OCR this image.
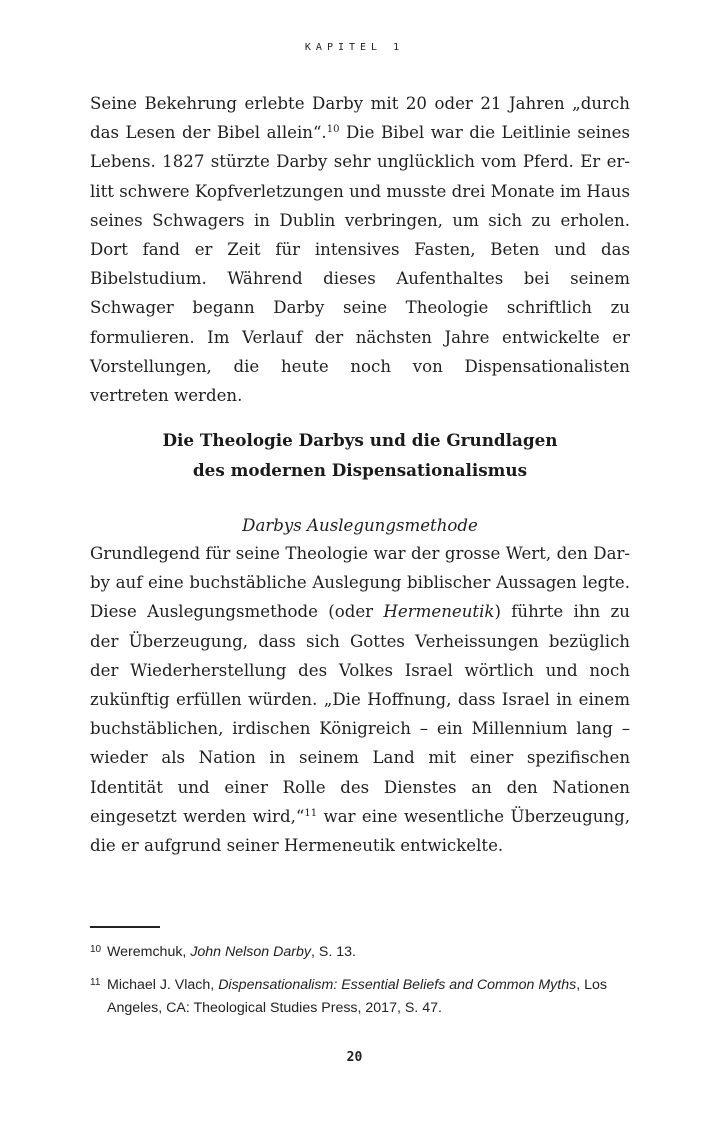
KAPITEL 1

Seine Bekehrung erlebte Darby mit 20 oder 21 Jahren „durch das Lesen der Bibel allein“.$^{10}$ Die Bibel war die Leitlinie seines Lebens. 1827 stürzte Darby sehr unglücklich vom Pferd. Er erlitt schwere Kopfverletzungen und musste drei Monate im Haus seines Schwagers in Dublin verbringen, um sich zu erholen. Dort fand er Zeit für intensives Fasten, Beten und das Bibelstudium. Während dieses Aufenthaltes bei seinem Schwager begann Darby seine Theologie schriftlich zu formulieren. Im Verlauf der nächsten Jahre entwickelte er Vorstellungen, die heute noch von Dispensationalisten vertreten werden.

Die Theologie Darbys und die Grundlagen
des modernen Dispensationalismus
Darbys Auslegungsmethode

Grundlegend für seine Theologie war der grosse Wert, den Darby auf eine buchstäbliche Auslegung biblischer Aussagen legte. Diese Auslegungsmethode (oder Hermeneutik) führte ihn zu der Überzeugung, dass sich Gottes Verheissungen bezüglich der Wiederherstellung des Volkes Israel wörtlich und noch zukünftig erfüllen würden. „Die Hoffnung, dass Israel in einem buchstäblichen, irdischen Königreich – ein Millennium lang – wieder als Nation in seinem Land mit einer spezifischen Identität und einer Rolle des Dienstes an den Nationen eingesetzt werden wird,“$^{11}$ war eine wesentliche Überzeugung, die er aufgrund seiner Hermeneutik entwickelte.

10 Weremchuk, John Nelson Darby, S. 13.
11 Michael J. Vlach, Dispensationalism: Essential Beliefs and Common Myths, Los Angeles, CA: Theological Studies Press, 2017, S. 47.
20
